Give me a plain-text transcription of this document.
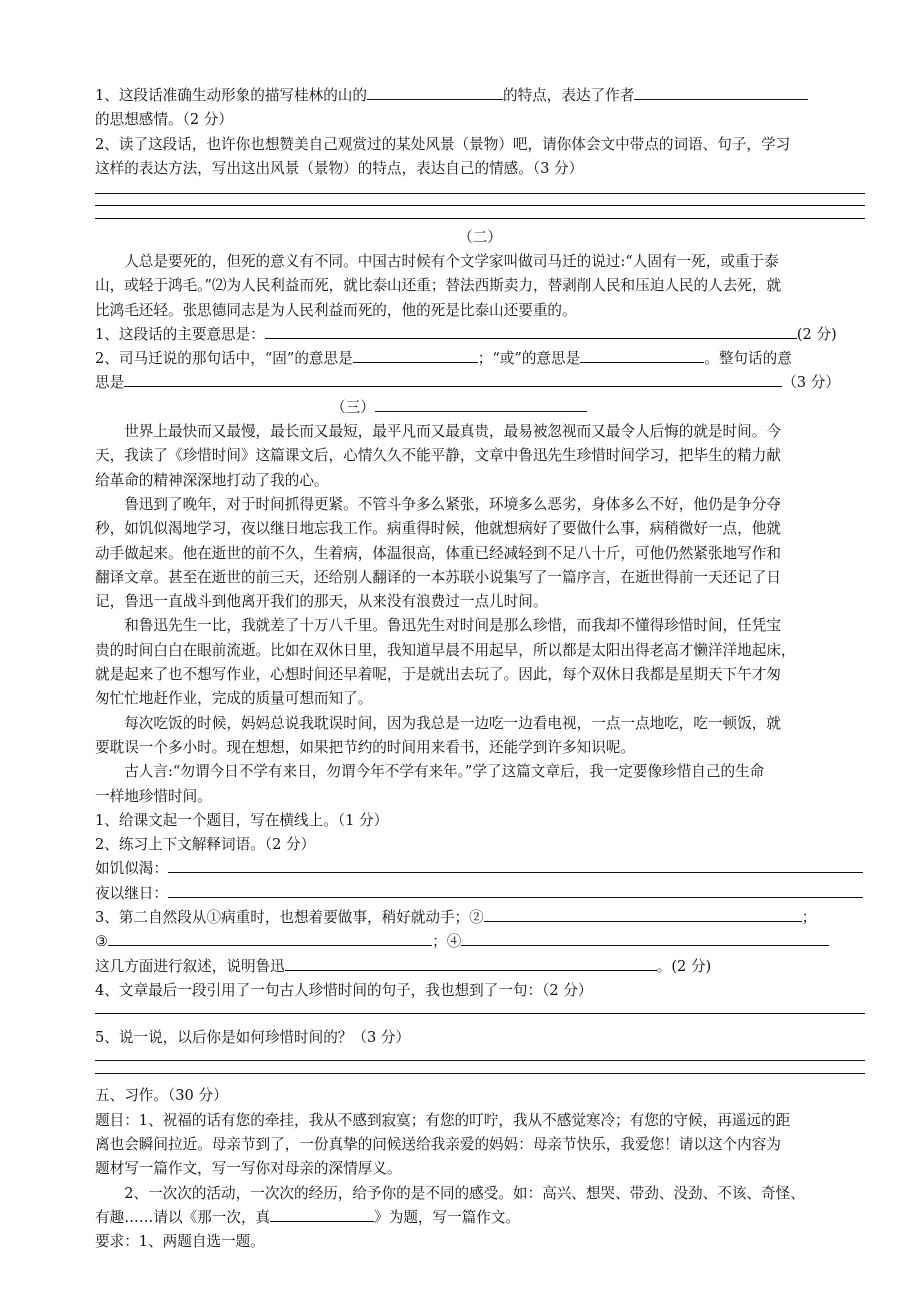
1、这段话准确生动形象的描写桂林的山的	的特点，表达了作者
的思想感情。（2 分）
2、读了这段话，也许你也想赞美自己观赏过的某处风景（景物）吧，请你体会文中带点的词语、句子，学习
这样的表达方法，写出这出风景（景物）的特点，表达自己的情感。（3 分）
（二）
人总是要死的，但死的意义有不同。中国古时候有个文学家叫做司马迁的说过:“人固有一死，或重于泰
山，或轻于鸿毛。”⑵为人民利益而死，就比泰山还重；替法西斯卖力，替剥削人民和压迫人民的人去死，就
比鸿毛还轻。张思德同志是为人民利益而死的，他的死是比泰山还要重的。
1、这段话的主要意思是：	(2 分)
2、司马迁说的那句话中，“固”的意思是	；“或”的意思是	。整句话的意
思是	（3 分）
（三）
世界上最快而又最慢，最长而又最短，最平凡而又最真贵，最易被忽视而又最令人后悔的就是时间。今
天，我读了《珍惜时间》这篇课文后，心情久久不能平静，文章中鲁迅先生珍惜时间学习，把毕生的精力献
给革命的精神深深地打动了我的心。
鲁迅到了晚年，对于时间抓得更紧。不管斗争多么紧张，环境多么恶劣，身体多么不好，他仍是争分夺
秒，如饥似渴地学习，夜以继日地忘我工作。病重得时候，他就想病好了要做什么事，病稍微好一点，他就
动手做起来。他在逝世的前不久，生着病，体温很高，体重已经减轻到不足八十斤，可他仍然紧张地写作和
翻译文章。甚至在逝世的前三天，还给别人翻译的一本苏联小说集写了一篇序言，在逝世得前一天还记了日
记，鲁迅一直战斗到他离开我们的那天，从来没有浪费过一点儿时间。
和鲁迅先生一比，我就差了十万八千里。鲁迅先生对时间是那么珍惜，而我却不懂得珍惜时间，任凭宝
贵的时间白白在眼前流逝。比如在双休日里，我知道早晨不用起早，所以都是太阳出得老高才懒洋洋地起床，
就是起来了也不想写作业，心想时间还早着呢，于是就出去玩了。因此，每个双休日我都是星期天下午才匆
匆忙忙地赶作业，完成的质量可想而知了。
每次吃饭的时候，妈妈总说我耽误时间，因为我总是一边吃一边看电视，一点一点地吃，吃一顿饭，就
要耽误一个多小时。现在想想，如果把节约的时间用来看书，还能学到许多知识呢。
古人言:“勿谓今日不学有来日，勿谓今年不学有来年。”学了这篇文章后，我一定要像珍惜自己的生命
一样地珍惜时间。
1、给课文起一个题目，写在横线上。（1 分）
2、练习上下文解释词语。（2 分）
如饥似渴：
夜以继日：
3、第二自然段从①病重时，也想着要做事，稍好就动手；②	；
③	；④
这几方面进行叙述，说明鲁迅	。(2 分)
4、文章最后一段引用了一句古人珍惜时间的句子，我也想到了一句：（2 分）
5、说一说，以后你是如何珍惜时间的？（3 分）
五、习作。（30 分）
题目：1、祝福的话有您的牵挂，我从不感到寂寞；有您的叮咛，我从不感觉寒冷；有您的守候，再遥远的距
离也会瞬间拉近。母亲节到了，一份真挚的问候送给我亲爱的妈妈：母亲节快乐，我爱您！请以这个内容为
题材写一篇作文，写一写你对母亲的深情厚义。
2、一次次的活动，一次次的经历，给予你的是不同的感受。如：高兴、想哭、带劲、没劲、不该、奇怪、
有趣……请以《那一次，真	》为题，写一篇作文。
要求：1、两题自选一题。
